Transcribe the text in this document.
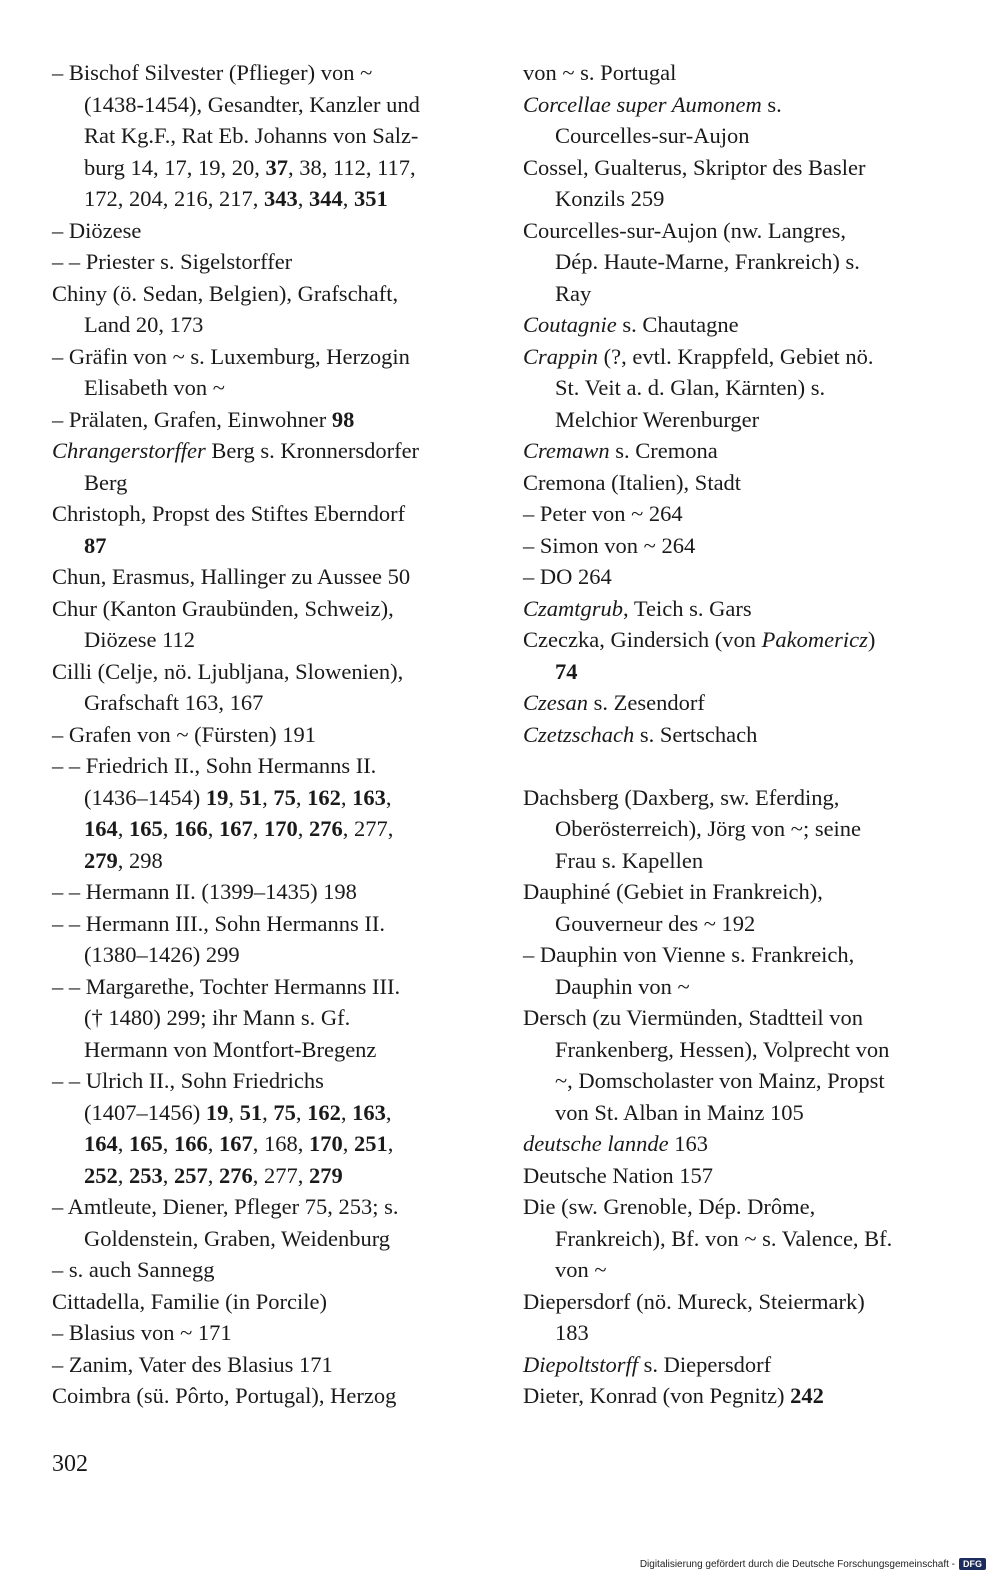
– Bischof Silvester (Pflieger) von ~
(1438-1454), Gesandter, Kanzler und
Rat Kg.F., Rat Eb. Johanns von Salz-
burg 14, 17, 19, 20, 37, 38, 112, 117,
172, 204, 216, 217, 343, 344, 351
– Diözese
– – Priester s. Sigelstorffer
Chiny (ö. Sedan, Belgien), Grafschaft,
Land 20, 173
– Gräfin von ~ s. Luxemburg, Herzogin
Elisabeth von ~
– Prälaten, Grafen, Einwohner 98
Chrangerstorffer Berg s. Kronnersdorfer
Berg
Christoph, Propst des Stiftes Eberndorf
87
Chun, Erasmus, Hallinger zu Aussee 50
Chur (Kanton Graubünden, Schweiz),
Diözese 112
Cilli (Celje, nö. Ljubljana, Slowenien),
Grafschaft 163, 167
– Grafen von ~ (Fürsten) 191
– – Friedrich II., Sohn Hermanns II.
(1436–1454) 19, 51, 75, 162, 163,
164, 165, 166, 167, 170, 276, 277,
279, 298
– – Hermann II. (1399–1435) 198
– – Hermann III., Sohn Hermanns II.
(1380–1426) 299
– – Margarethe, Tochter Hermanns III.
(† 1480) 299; ihr Mann s. Gf.
Hermann von Montfort-Bregenz
– – Ulrich II., Sohn Friedrichs
(1407–1456) 19, 51, 75, 162, 163,
164, 165, 166, 167, 168, 170, 251,
252, 253, 257, 276, 277, 279
– Amtleute, Diener, Pfleger 75, 253; s.
Goldenstein, Graben, Weidenburg
– s. auch Sannegg
Cittadella, Familie (in Porcile)
– Blasius von ~ 171
– Zanim, Vater des Blasius 171
Coimbra (sü. Pôrto, Portugal), Herzog
von ~ s. Portugal
Corcellae super Aumonem s.
Courcelles-sur-Aujon
Cossel, Gualterus, Skriptor des Basler
Konzils 259
Courcelles-sur-Aujon (nw. Langres,
Dép. Haute-Marne, Frankreich) s.
Ray
Coutagnie s. Chautagne
Crappin (?, evtl. Krappfeld, Gebiet nö.
St. Veit a. d. Glan, Kärnten) s.
Melchior Werenburger
Cremawn s. Cremona
Cremona (Italien), Stadt
– Peter von ~ 264
– Simon von ~ 264
– DO 264
Czamtgrub, Teich s. Gars
Czeczka, Gindersich (von Pakomericz)
74
Czesan s. Zesendorf
Czetzschach s. Sertschach
Dachsberg (Daxberg, sw. Eferding,
Oberösterreich), Jörg von ~; seine
Frau s. Kapellen
Dauphiné (Gebiet in Frankreich),
Gouverneur des ~ 192
– Dauphin von Vienne s. Frankreich,
Dauphin von ~
Dersch (zu Viermünden, Stadtteil von
Frankenberg, Hessen), Volprecht von
~, Domscholaster von Mainz, Propst
von St. Alban in Mainz 105
deutsche lannde 163
Deutsche Nation 157
Die (sw. Grenoble, Dép. Drôme,
Frankreich), Bf. von ~ s. Valence, Bf.
von ~
Diepersdorf (nö. Mureck, Steiermark)
183
Diepoltstorff s. Diepersdorf
Dieter, Konrad (von Pegnitz) 242
302
Digitalisierung gefördert durch die Deutsche Forschungsgemeinschaft - DFG
